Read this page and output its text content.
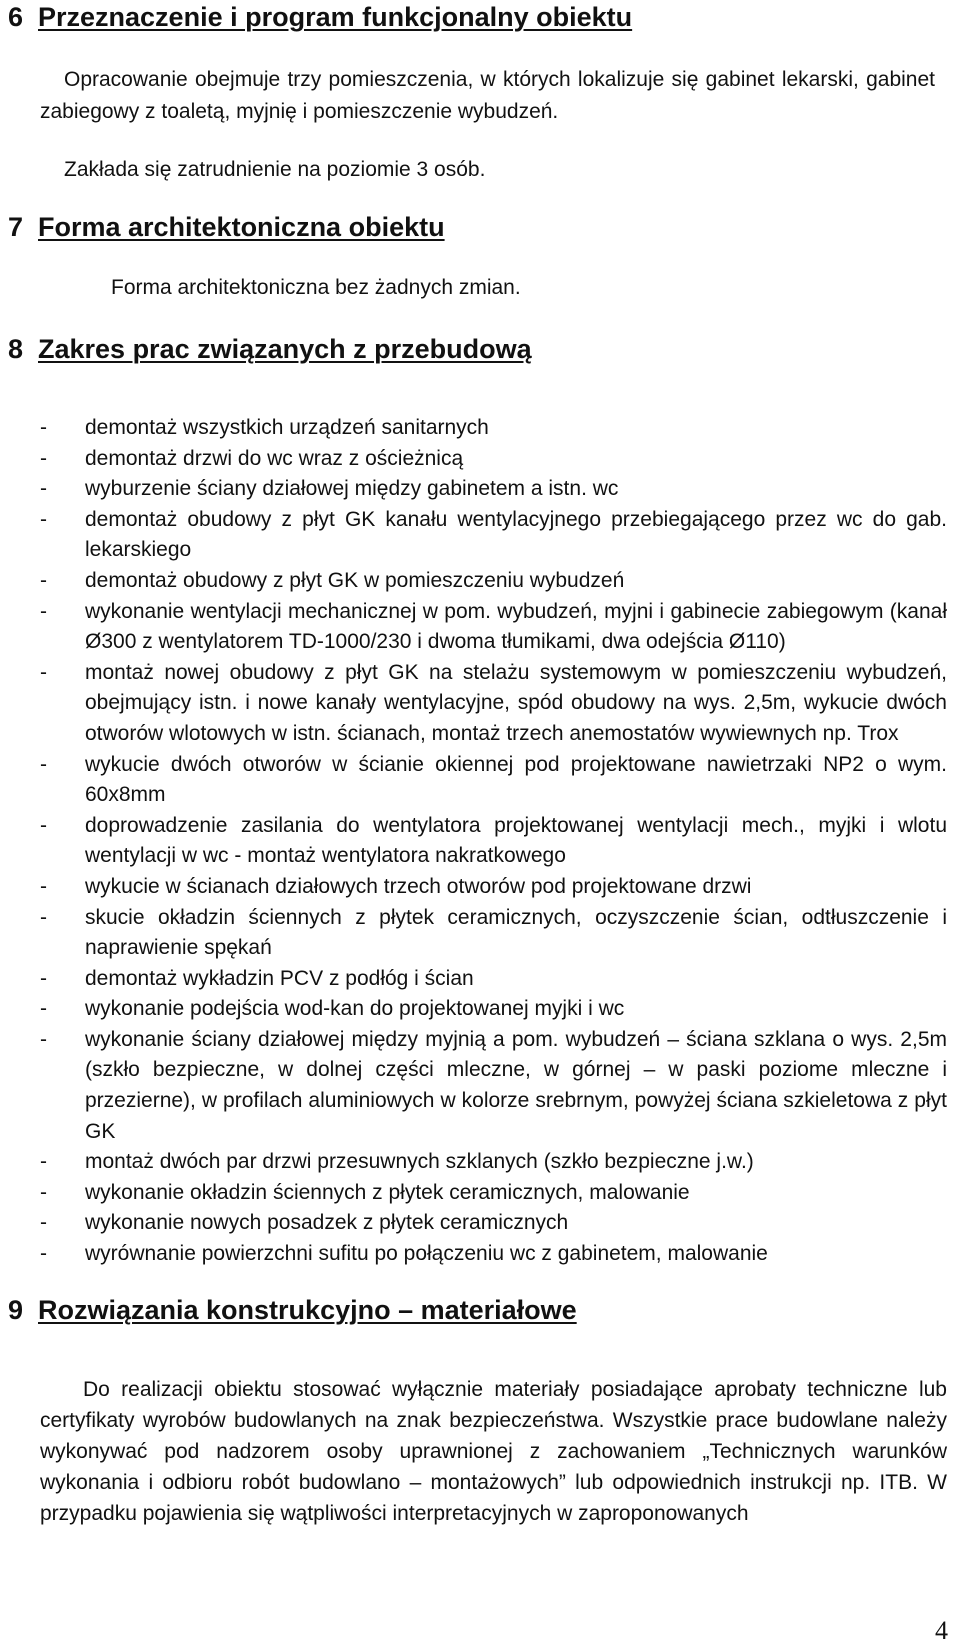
6 Przeznaczenie i program funkcjonalny obiektu

Opracowanie obejmuje trzy pomieszczenia, w których lokalizuje się gabinet lekarski, gabinet zabiegowy z toaletą, myjnię i pomieszczenie wybudzeń.

Zakłada się zatrudnienie na poziomie 3 osób.

7 Forma architektoniczna obiektu

Forma architektoniczna bez żadnych zmian.

8 Zakres prac związanych z przebudową
- demontaż wszystkich urządzeń sanitarnych
- demontaż drzwi do wc wraz z ościeżnicą
- wyburzenie ściany działowej między gabinetem a istn. wc
- demontaż obudowy z płyt GK kanału wentylacyjnego przebiegającego przez wc do gab. lekarskiego
- demontaż obudowy z płyt GK w pomieszczeniu wybudzeń
- wykonanie wentylacji mechanicznej w pom. wybudzeń, myjni i gabinecie zabiegowym (kanał Ø300 z wentylatorem TD-1000/230 i dwoma tłumikami, dwa odejścia Ø110)
- montaż nowej obudowy z płyt GK na stelażu systemowym w pomieszczeniu wybudzeń, obejmujący istn. i nowe kanały wentylacyjne, spód obudowy na wys. 2,5m, wykucie dwóch otworów wlotowych w istn. ścianach, montaż trzech anemostatów wywiewnych np. Trox
- wykucie dwóch otworów w ścianie okiennej pod projektowane nawietrzaki NP2 o wym. 60x8mm
- doprowadzenie zasilania do wentylatora projektowanej wentylacji mech., myjki i wlotu wentylacji w wc - montaż wentylatora nakratkowego
- wykucie w ścianach działowych trzech otworów pod projektowane drzwi
- skucie okładzin ściennych z płytek ceramicznych, oczyszczenie ścian, odtłuszczenie i naprawienie spękań
- demontaż wykładzin PCV z podłóg i ścian
- wykonanie podejścia wod-kan do projektowanej myjki i wc
- wykonanie ściany działowej między myjnią a pom. wybudzeń – ściana szklana o wys. 2,5m (szkło bezpieczne, w dolnej części mleczne, w górnej – w paski poziome mleczne i przezierne), w profilach aluminiowych w kolorze srebrnym, powyżej ściana szkieletowa z płyt GK
- montaż dwóch par drzwi przesuwnych szklanych (szkło bezpieczne j.w.)
- wykonanie okładzin ściennych z płytek ceramicznych, malowanie
- wykonanie nowych posadzek z płytek ceramicznych
- wyrównanie powierzchni sufitu po połączeniu wc z gabinetem, malowanie
9 Rozwiązania konstrukcyjno – materiałowe

Do realizacji obiektu stosować wyłącznie materiały posiadające aprobaty techniczne lub certyfikaty wyrobów budowlanych na znak bezpieczeństwa. Wszystkie prace budowlane należy wykonywać pod nadzorem osoby uprawnionej z zachowaniem „Technicznych warunków wykonania i odbioru robót budowlano – montażowych” lub odpowiednich instrukcji np. ITB. W przypadku pojawienia się wątpliwości interpretacyjnych w zaproponowanych

4
